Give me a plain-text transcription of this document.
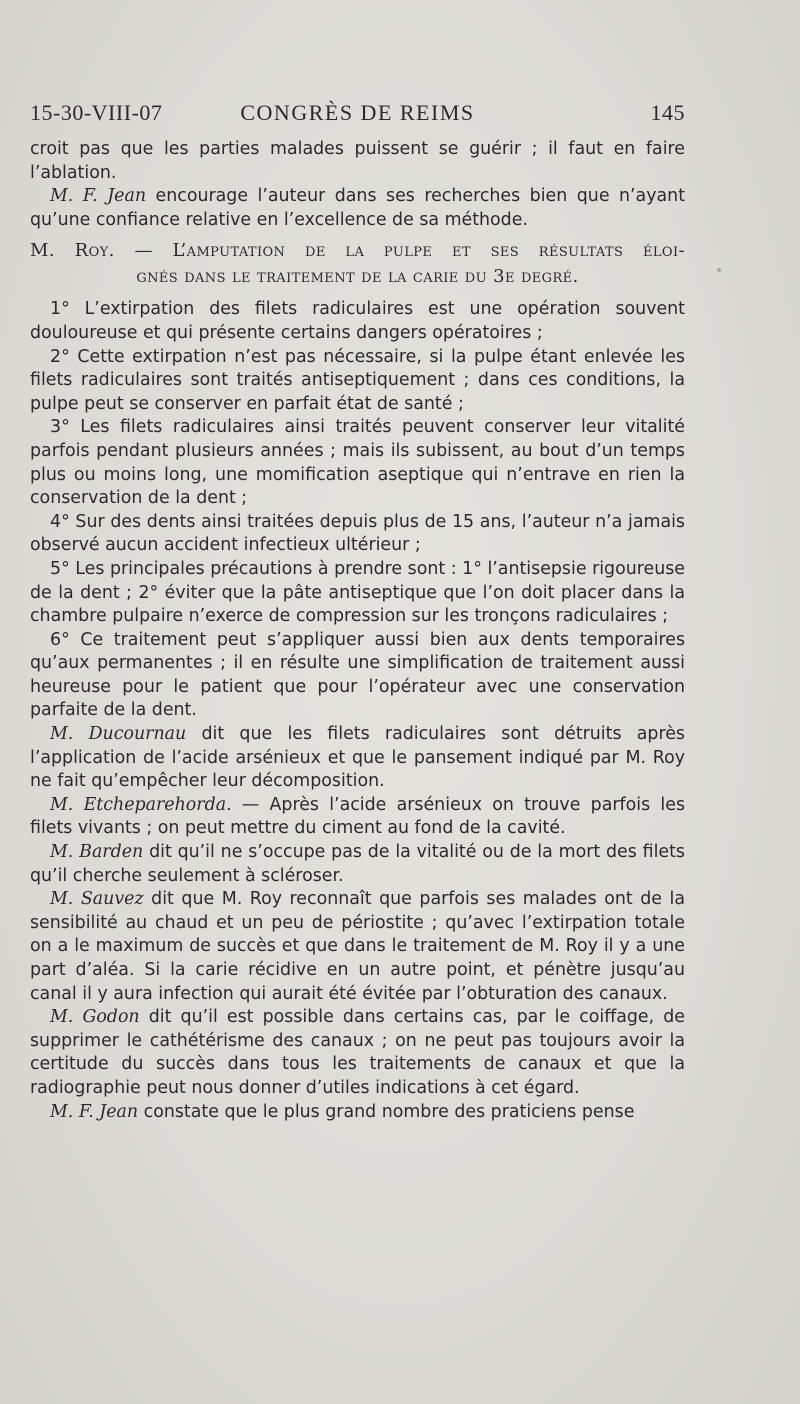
15-30-VIII-07	CONGRÈS DE REIMS	145

croit pas que les parties malades puissent se guérir ; il faut en faire l’ablation.

M. F. Jean encourage l’auteur dans ses recherches bien que n’ayant qu’une confiance relative en l’excellence de sa méthode.

M. Roy. — L’amputation de la pulpe et ses résultats éloi-
gnés dans le traitement de la carie du 3e degré.

1° L’extirpation des filets radiculaires est une opération souvent douloureuse et qui présente certains dangers opératoires ;

2° Cette extirpation n’est pas nécessaire, si la pulpe étant enlevée les filets radiculaires sont traités antiseptiquement ; dans ces conditions, la pulpe peut se conserver en parfait état de santé ;

3° Les filets radiculaires ainsi traités peuvent conserver leur vitalité parfois pendant plusieurs années ; mais ils subissent, au bout d’un temps plus ou moins long, une momification aseptique qui n’entrave en rien la conservation de la dent ;

4° Sur des dents ainsi traitées depuis plus de 15 ans, l’auteur n’a jamais observé aucun accident infectieux ultérieur ;

5° Les principales précautions à prendre sont : 1° l’antisepsie rigoureuse de la dent ; 2° éviter que la pâte antiseptique que l’on doit placer dans la chambre pulpaire n’exerce de compression sur les tronçons radiculaires ;

6° Ce traitement peut s’appliquer aussi bien aux dents temporaires qu’aux permanentes ; il en résulte une simplification de traitement aussi heureuse pour le patient que pour l’opérateur avec une conservation parfaite de la dent.

M. Ducournau dit que les filets radiculaires sont détruits après l’application de l’acide arsénieux et que le pansement indiqué par M. Roy ne fait qu’empêcher leur décomposition.

M. Etcheparehorda. — Après l’acide arsénieux on trouve parfois les filets vivants ; on peut mettre du ciment au fond de la cavité.

M. Barden dit qu’il ne s’occupe pas de la vitalité ou de la mort des filets qu’il cherche seulement à scléroser.

M. Sauvez dit que M. Roy reconnaît que parfois ses malades ont de la sensibilité au chaud et un peu de périostite ; qu’avec l’extirpation totale on a le maximum de succès et que dans le traitement de M. Roy il y a une part d’aléa. Si la carie récidive en un autre point, et pénètre jusqu’au canal il y aura infection qui aurait été évitée par l’obturation des canaux.

M. Godon dit qu’il est possible dans certains cas, par le coiffage, de supprimer le cathétérisme des canaux ; on ne peut pas toujours avoir la certitude du succès dans tous les traitements de canaux et que la radiographie peut nous donner d’utiles indications à cet égard.

M. F. Jean constate que le plus grand nombre des praticiens pense
